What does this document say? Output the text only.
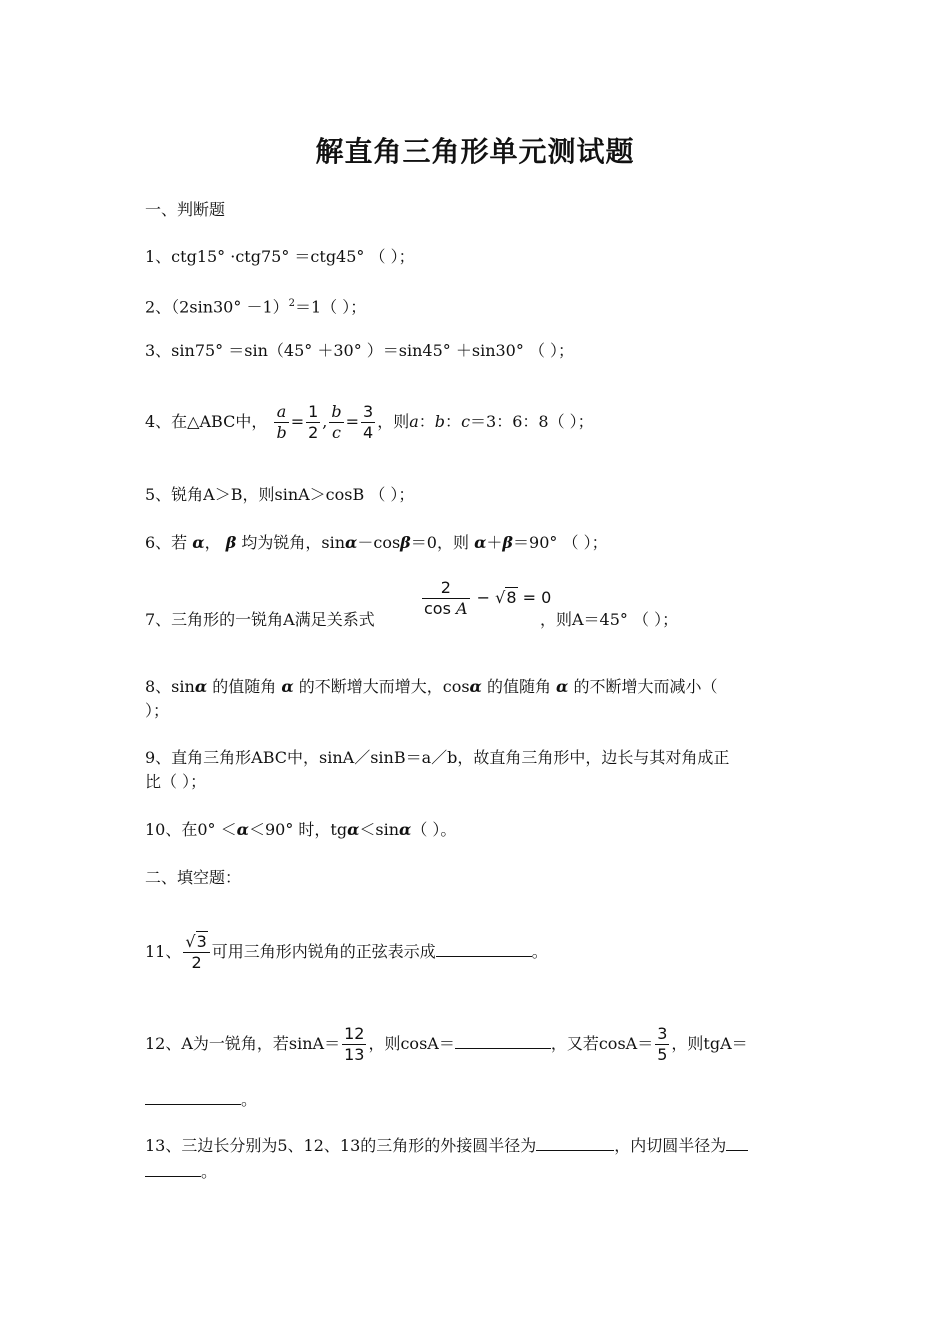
解直角三角形单元测试题
一、判断题
1、ctg15° ·ctg75° ＝ctg45° （ ）；
2、$(2\sin 30^\circ -1)^2=1$（ ）；
3、sin75° ＝sin（45° ＋30° ）＝sin45° ＋sin30° （ ）；
4、在△ABC中， $\frac{a}{b} = \frac{1}{2}$ , $\frac{b}{c} = \frac{3}{4}$ ，则a：b：c＝3：6：8（ ）；
5、锐角A＞B，则sinA＞cosB （ ）；
6、若 α， β 均为锐角，sinα－cosβ＝0，则 α＋β＝90° （ ）；
7、三角形的一锐角A满足关系式
$\frac{2}{\text{cos A}} - √8 = 0$
，则A＝45° （ ）；
8、sinα 的值随角 α 的不断增大而增大，cosα 的值随角 α 的不断增大而减小（
）；
9、直角三角形ABC中，sinA／sinB＝a／b，故直角三角形中，边长与其对角成正
比（ ）；
10、在0° ＜α＜90° 时，tgα＜sinα（ ）。
二、填空题：
11、 $\frac{√3}{2}$ 可用三角形内锐角的正弦表示成	。
12、A为一锐角，若$\sin A= \frac{12}{13}$ ，则cosA＝	，又若$\cos A= \frac{3}{5}$ ，则tgA＝
。
13、三边长分别为5、12、13的三角形的外接圆半径为	，内切圆半径为
。
